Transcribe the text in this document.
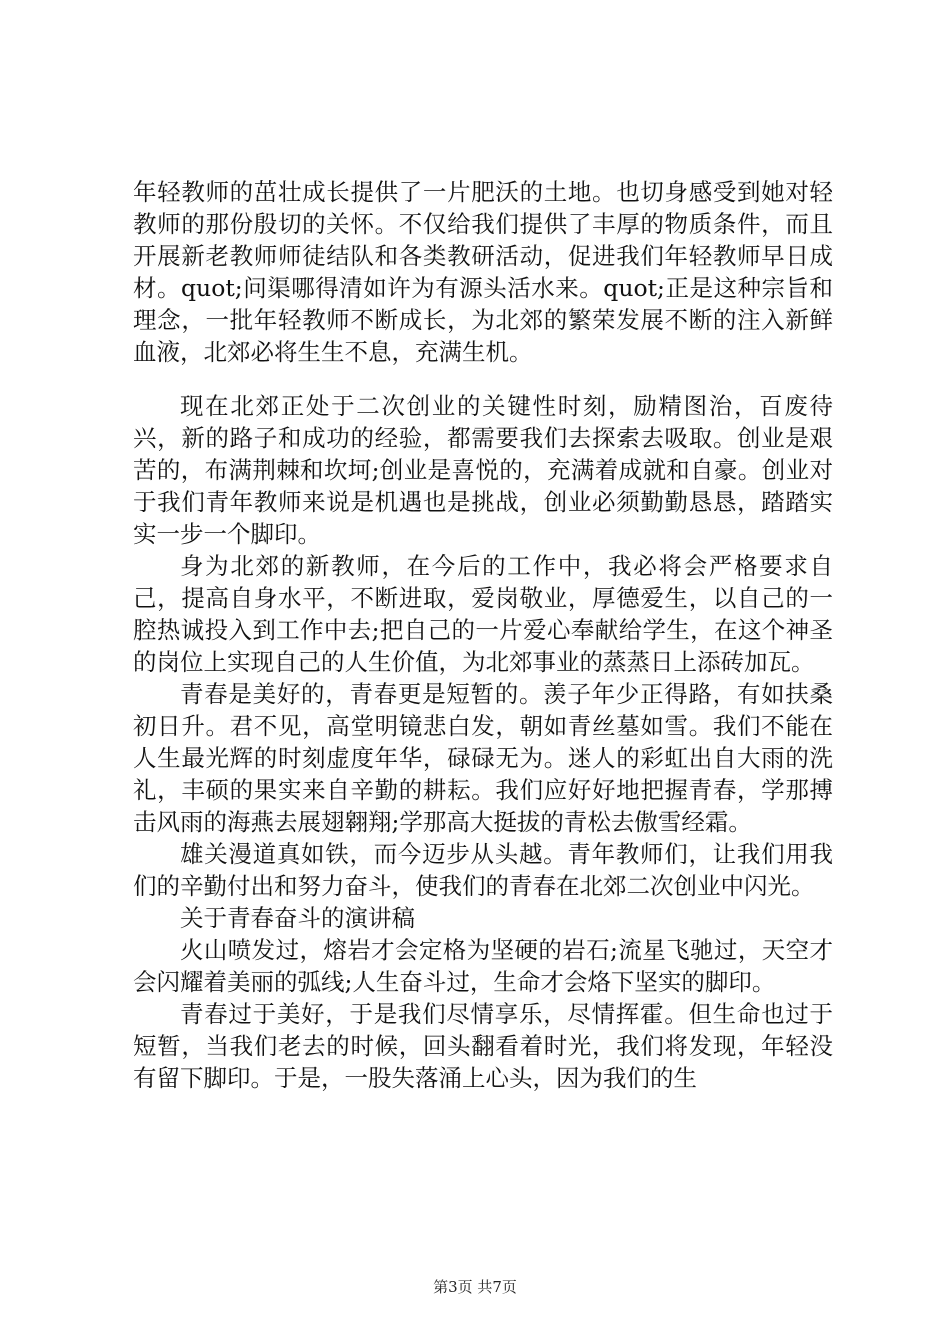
年轻教师的茁壮成长提供了一片肥沃的土地。也切身感受到她对轻教师的那份殷切的关怀。不仅给我们提供了丰厚的物质条件，而且开展新老教师师徒结队和各类教研活动，促进我们年轻教师早日成材。quot;问渠哪得清如许为有源头活水来。quot;正是这种宗旨和理念，一批年轻教师不断成长，为北郊的繁荣发展不断的注入新鲜血液，北郊必将生生不息，充满生机。

现在北郊正处于二次创业的关键性时刻，励精图治，百废待兴，新的路子和成功的经验，都需要我们去探索去吸取。创业是艰苦的，布满荆棘和坎坷;创业是喜悦的，充满着成就和自豪。创业对于我们青年教师来说是机遇也是挑战，创业必须勤勤恳恳，踏踏实实一步一个脚印。

身为北郊的新教师，在今后的工作中，我必将会严格要求自己，提高自身水平，不断进取，爱岗敬业，厚德爱生，以自己的一腔热诚投入到工作中去;把自己的一片爱心奉献给学生，在这个神圣的岗位上实现自己的人生价值，为北郊事业的蒸蒸日上添砖加瓦。

青春是美好的，青春更是短暂的。羡子年少正得路，有如扶桑初日升。君不见，高堂明镜悲白发，朝如青丝墓如雪。我们不能在人生最光辉的时刻虚度年华，碌碌无为。迷人的彩虹出自大雨的洗礼，丰硕的果实来自辛勤的耕耘。我们应好好地把握青春，学那搏击风雨的海燕去展翅翱翔;学那高大挺拔的青松去傲雪经霜。

雄关漫道真如铁，而今迈步从头越。青年教师们，让我们用我们的辛勤付出和努力奋斗，使我们的青春在北郊二次创业中闪光。

关于青春奋斗的演讲稿

火山喷发过，熔岩才会定格为坚硬的岩石;流星飞驰过，天空才会闪耀着美丽的弧线;人生奋斗过，生命才会烙下坚实的脚印。

青春过于美好，于是我们尽情享乐，尽情挥霍。但生命也过于短暂，当我们老去的时候，回头翻看着时光，我们将发现，年轻没有留下脚印。于是，一股失落涌上心头，因为我们的生

第3页 共7页
